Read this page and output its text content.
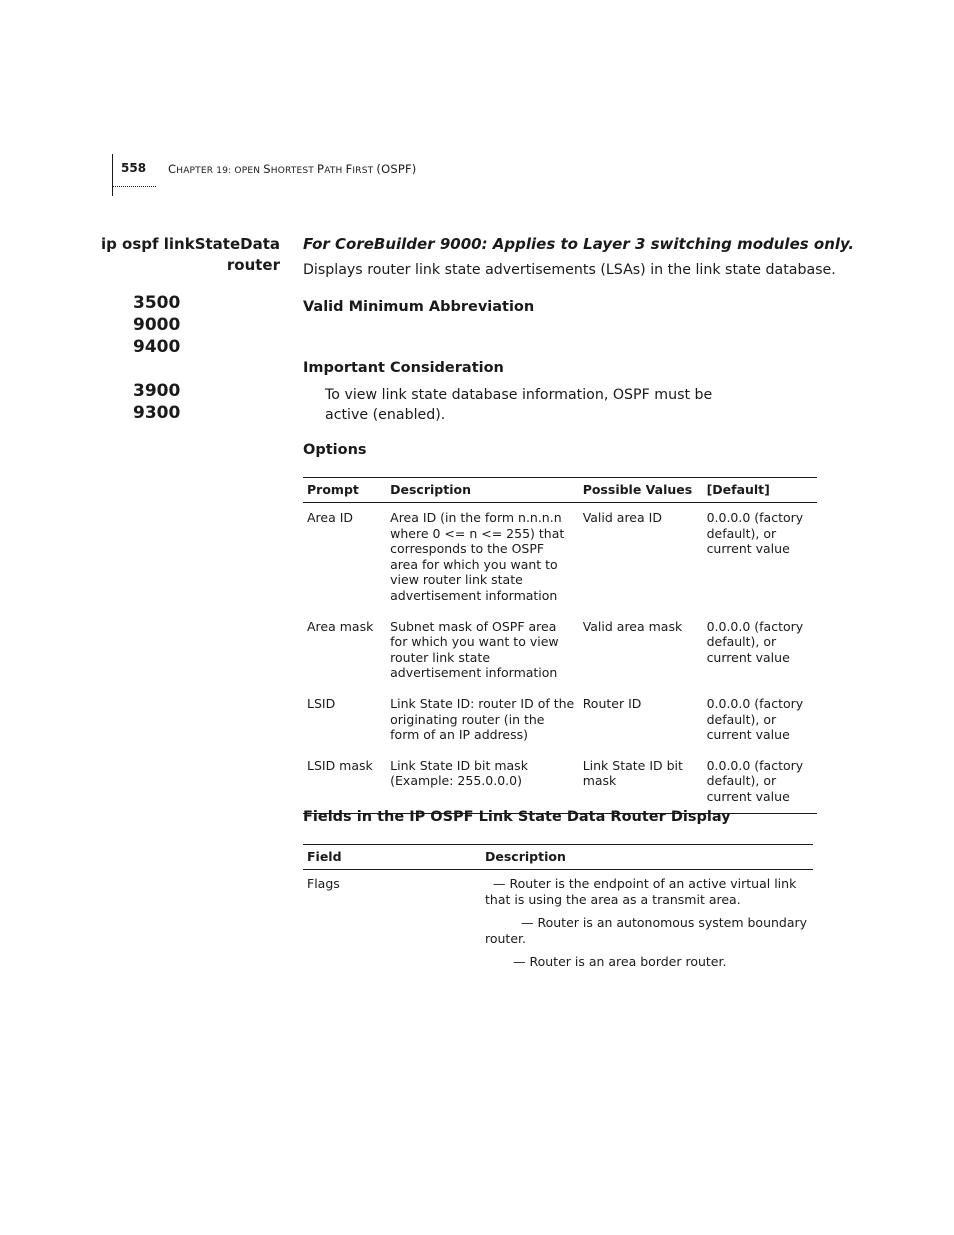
558 CHAPTER 19: OPEN SHORTEST PATH FIRST (OSPF)
ip ospf linkStateData
router
3500
9000
9400
3900
9300
For CoreBuilder 9000: Applies to Layer 3 switching modules only.
Displays router link state advertisements (LSAs) in the link state database.
Valid Minimum Abbreviation
Important Consideration
To view link state database information, OSPF must be active (enabled).
Options
Prompt	Description	Possible Values	[Default]
Area ID	Area ID (in the form n.n.n.n where 0 <= n <= 255) that corresponds to the OSPF area for which you want to view router link state advertisement information	Valid area ID	0.0.0.0 (factory default), or current value
Area mask	Subnet mask of OSPF area for which you want to view router link state advertisement information	Valid area mask	0.0.0.0 (factory default), or current value
LSID	Link State ID: router ID of the originating router (in the form of an IP address)	Router ID	0.0.0.0 (factory default), or current value
LSID mask	Link State ID bit mask (Example: 255.0.0.0)	Link State ID bit mask	0.0.0.0 (factory default), or current value
Fields in the IP OSPF Link State Data Router Display
Field	Description
Flags	— Router is the endpoint of an active virtual link that is using the area as a transmit area.

— Router is an autonomous system boundary router.

— Router is an area border router.
